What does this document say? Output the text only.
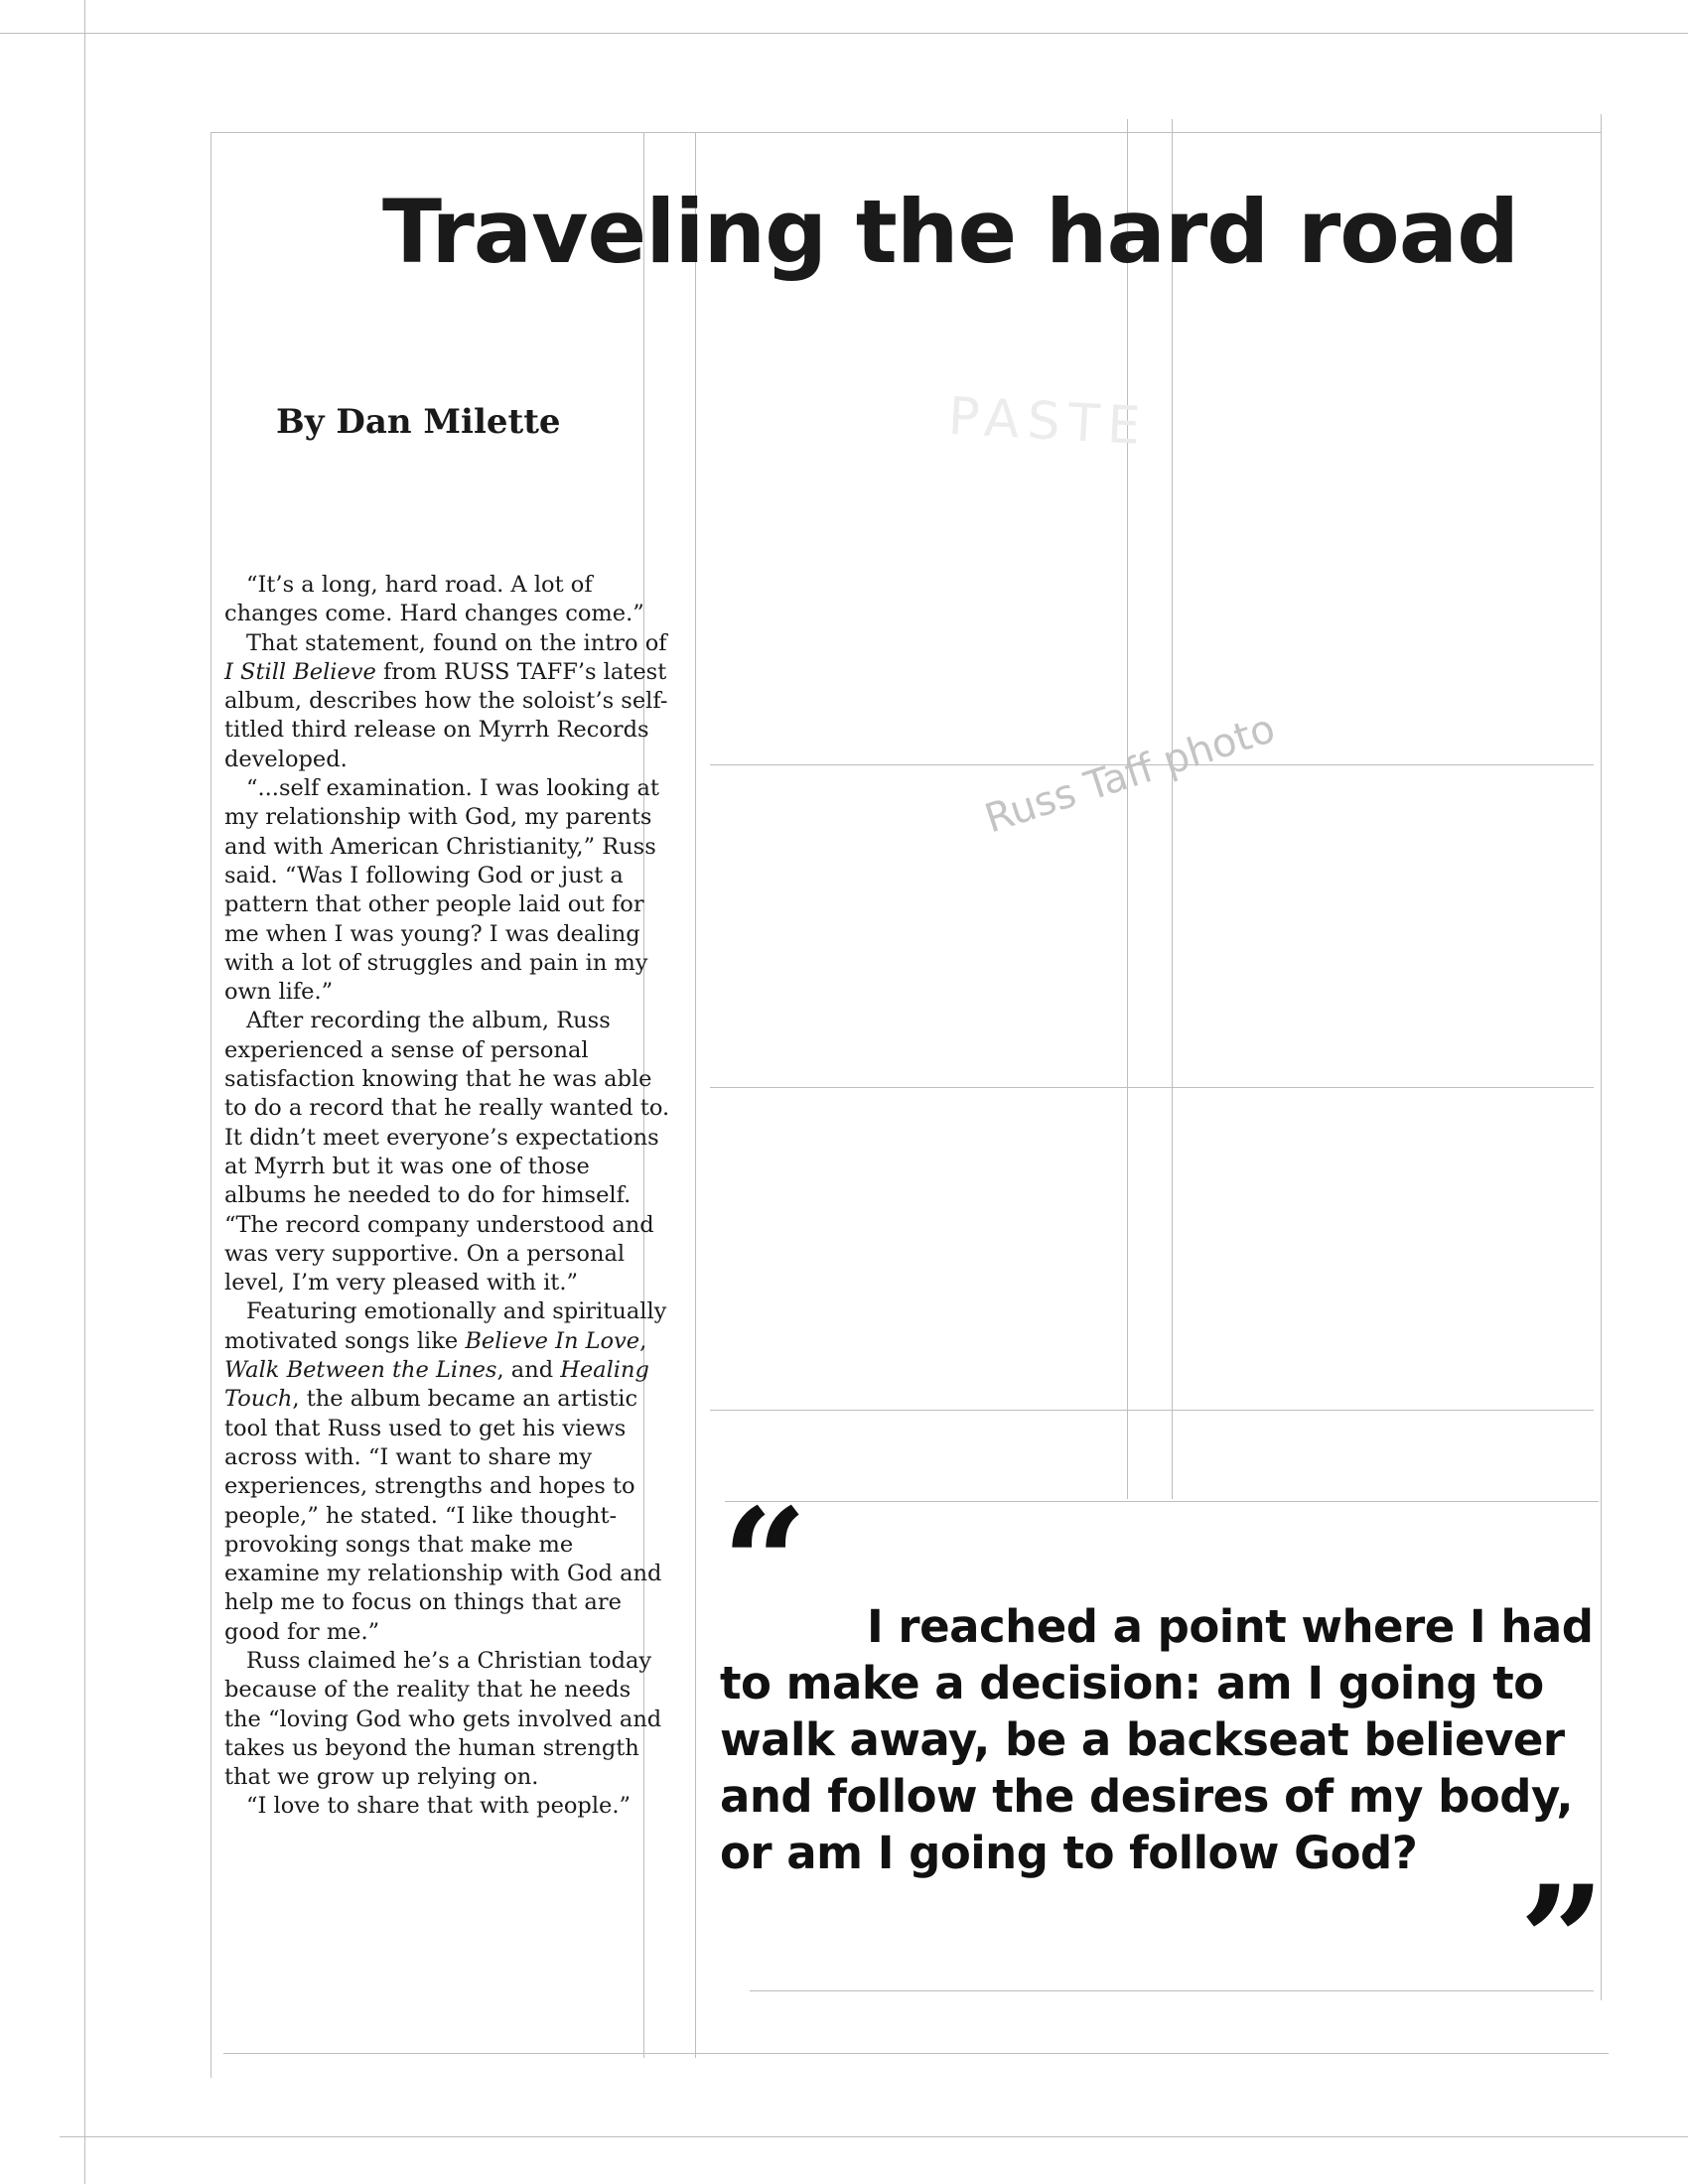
Traveling the hard road
By Dan Milette

“It’s a long, hard road. A lot of changes come. Hard changes come.”

That statement, found on the intro of I Still Believe from RUSS TAFF’s latest album, describes how the soloist’s self-titled third release on Myrrh Records developed.

“...self examination. I was looking at my relationship with God, my parents and with American Christianity,” Russ said. “Was I following God or just a pattern that other people laid out for me when I was young? I was dealing with a lot of struggles and pain in my own life.”

After recording the album, Russ experienced a sense of personal satisfaction knowing that he was able to do a record that he really wanted to. It didn’t meet everyone’s expectations at Myrrh but it was one of those albums he needed to do for himself. “The record company understood and was very supportive. On a personal level, I’m very pleased with it.”

Featuring emotionally and spiritually motivated songs like Believe In Love, Walk Between the Lines, and Healing Touch, the album became an artistic tool that Russ used to get his views across with. “I want to share my experiences, strengths and hopes to people,” he stated. “I like thought-provoking songs that make me examine my relationship with God and help me to focus on things that are good for me.”

Russ claimed he’s a Christian today because of the reality that he needs the “loving God who gets involved and takes us beyond the human strength that we grow up relying on.

“I love to share that with people.”

PASTE
Russ Taff photo
“	I reached a point where I had to make a decision: am I going to walk away, be a backseat believer and follow the desires of my body, or am I going to follow God?
”
